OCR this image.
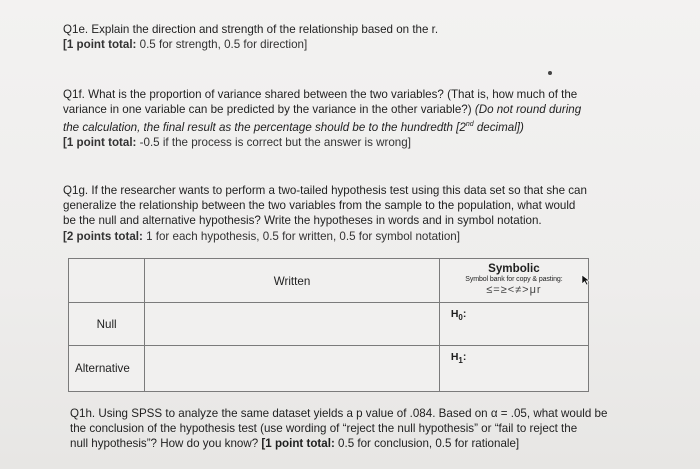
Q1e. Explain the direction and strength of the relationship based on the r.

[1 point total: 0.5 for strength, 0.5 for direction]

Q1f. What is the proportion of variance shared between the two variables? (That is, how much of the

variance in one variable can be predicted by the variance in the other variable?) (Do not round during

the calculation, the final result as the percentage should be to the hundredth [2nd decimal])

[1 point total: -0.5 if the process is correct but the answer is wrong]

Q1g. If the researcher wants to perform a two-tailed hypothesis test using this data set so that she can

generalize the relationship between the two variables from the sample to the population, what would

be the null and alternative hypothesis? Write the hypotheses in words and in symbol notation.

[2 points total: 1 for each hypothesis, 0.5 for written, 0.5 for symbol notation]

	Written	Symbolic
Symbol bank for copy & pasting:
≤=≥<≠>μr

Null		$H_0$:
Alternative		$H_1$:

Q1h. Using SPSS to analyze the same dataset yields a p value of .084. Based on α = .05, what would be

the conclusion of the hypothesis test (use wording of “reject the null hypothesis” or “fail to reject the

null hypothesis”? How do you know? [1 point total: 0.5 for conclusion, 0.5 for rationale]
